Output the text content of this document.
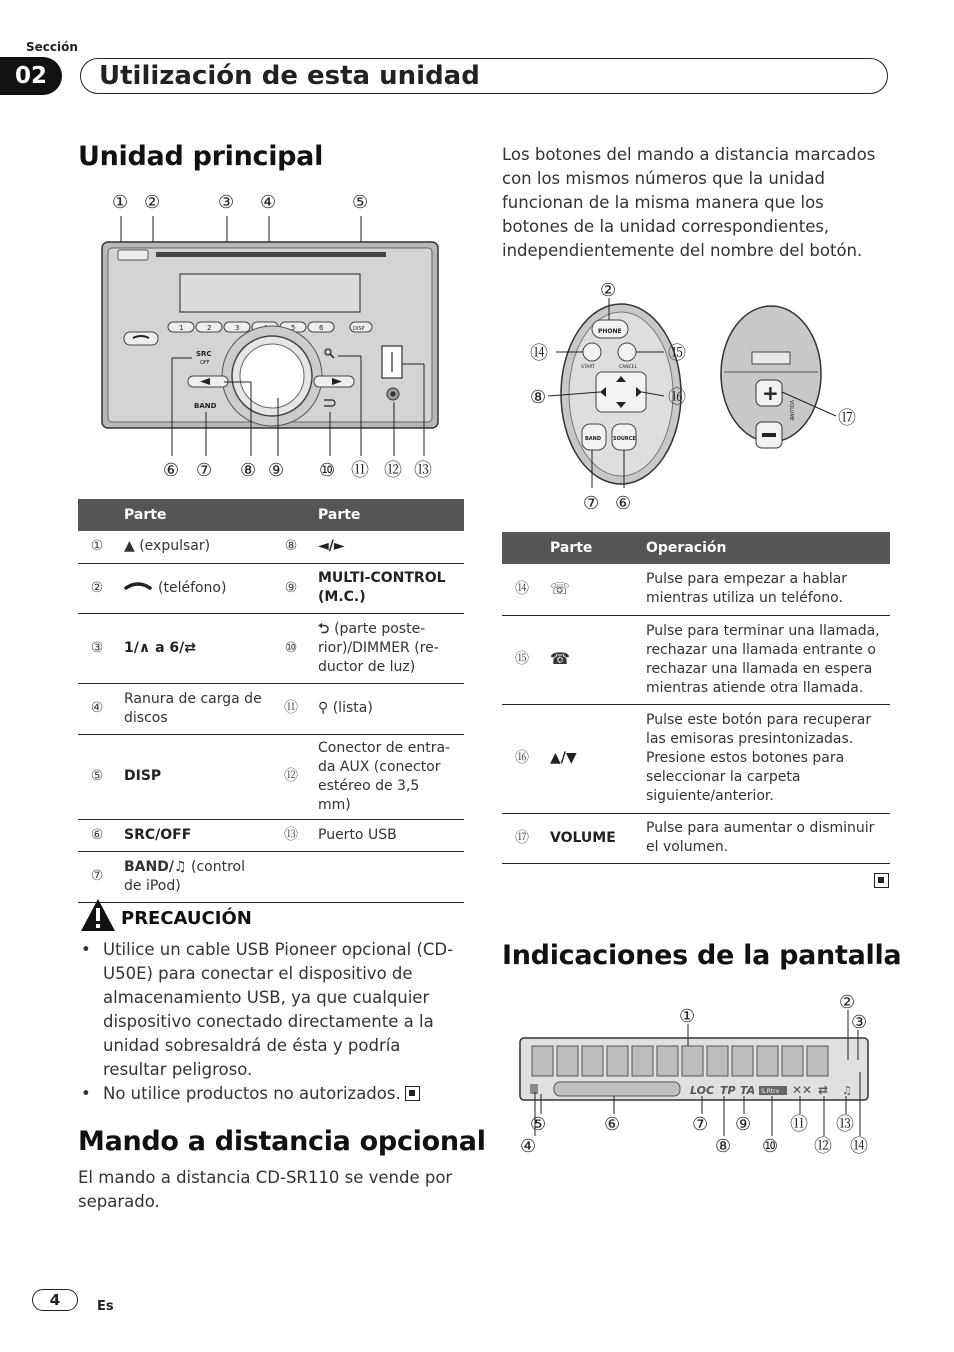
Sección
02	Utilización de esta unidad
Unidad principal
① ②	③ ④	⑤
1	2	3	5	6	DISP
SRC
OFF
BAND
⑥ ⑦ ⑧ ⑨ ⑩ ⑪ ⑫ ⑬
	Parte		Parte
①	▲ (expulsar)	⑧	◄/►
②	(teléfono)	⑨	MULTI-CONTROL
(M.C.)
③	1/∧ a 6/⇄	⑩	⮌ (parte poste-rior)/DIMMER (re-ductor de luz)
④	Ranura de carga de discos	⑪	⚲ (lista)
⑤	DISP	⑫	Conector de entra-da AUX (conector estéreo de 3,5 mm)
⑥	SRC/OFF	⑬	Puerto USB
⑦	BAND/♫ (control de iPod)		
PRECAUCIÓN
• Utilice un cable USB Pioneer opcional (CD-U50E) para conectar el dispositivo de almacenamiento USB, ya que cualquier dispositivo conectado directamente a la unidad sobresaldrá de ésta y podría resultar peligroso.
• No utilice productos no autorizados.
Mando a distancia opcional

El mando a distancia CD-SR110 se vende por separado.

Los botones del mando a distancia marcados con los mismos números que la unidad funcionan de la misma manera que los botones de la unidad correspondientes, independientemente del nombre del botón.

PHONE
START	CANCEL
BAND SOURCE
+
VOLUME
②
⑭	⑮
⑧	⑯
⑰
⑦ ⑥
	Parte	Operación
⑭	☏	Pulse para empezar a hablar mientras utiliza un teléfono.
⑮	☎	Pulse para terminar una llamada, rechazar una llamada entrante o rechazar una llamada en espera mientras atiende otra llamada.
⑯	▲/▼	Pulse este botón para recuperar las emisoras presintonizadas. Presione estos botones para seleccionar la carpeta siguiente/anterior.
⑰	VOLUME	Pulse para aumentar o disminuir el volumen.
Indicaciones de la pantalla
LOC TP TA S.Rtrv ✕✕ ⇄ ♫
①
②
③
④
⑤	⑥	⑦
⑧
⑨
⑩
⑪
⑫
⑬
⑭
4	Es
